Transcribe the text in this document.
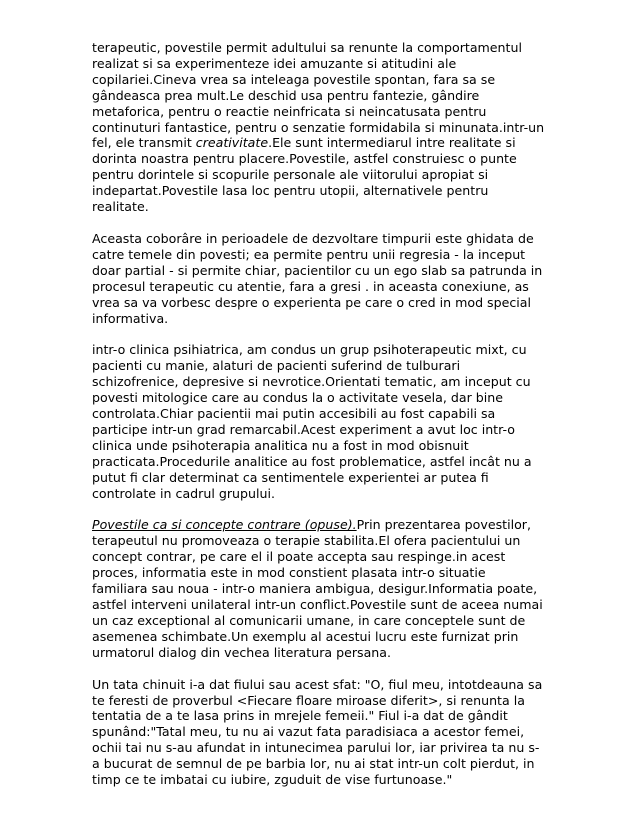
terapeutic, povestile permit adultului sa renunte la comportamentul
realizat si sa experimenteze idei amuzante si atitudini ale
copilariei.Cineva vrea sa inteleaga povestile spontan, fara sa se
gândeasca prea mult.Le deschid usa pentru fantezie, gândire
metaforica, pentru o reactie neinfricata si neincatusata pentru
continuturi fantastice, pentru o senzatie formidabila si minunata.intr-un
fel, ele transmit creativitate.Ele sunt intermediarul intre realitate si
dorinta noastra pentru placere.Povestile, astfel construiesc o punte
pentru dorintele si scopurile personale ale viitorului apropiat si
indepartat.Povestile lasa loc pentru utopii, alternativele pentru
realitate.

Aceasta coborâre in perioadele de dezvoltare timpurii este ghidata de
catre temele din povesti; ea permite pentru unii regresia - la inceput
doar partial - si permite chiar, pacientilor cu un ego slab sa patrunda in
procesul terapeutic cu atentie, fara a gresi . in aceasta conexiune, as
vrea sa va vorbesc despre o experienta pe care o cred in mod special
informativa.

intr-o clinica psihiatrica, am condus un grup psihoterapeutic mixt, cu
pacienti cu manie, alaturi de pacienti suferind de tulburari
schizofrenice, depresive si nevrotice.Orientati tematic, am inceput cu
povesti mitologice care au condus la o activitate vesela, dar bine
controlata.Chiar pacientii mai putin accesibili au fost capabili sa
participe intr-un grad remarcabil.Acest experiment a avut loc intr-o
clinica unde psihoterapia analitica nu a fost in mod obisnuit
practicata.Procedurile analitice au fost problematice, astfel incât nu a
putut fi clar determinat ca sentimentele experientei ar putea fi
controlate in cadrul grupului.

Povestile ca si concepte contrare (opuse).Prin prezentarea povestilor,
terapeutul nu promoveaza o terapie stabilita.El ofera pacientului un
concept contrar, pe care el il poate accepta sau respinge.in acest
proces, informatia este in mod constient plasata intr-o situatie
familiara sau noua - intr-o maniera ambigua, desigur.Informatia poate,
astfel interveni unilateral intr-un conflict.Povestile sunt de aceea numai
un caz exceptional al comunicarii umane, in care conceptele sunt de
asemenea schimbate.Un exemplu al acestui lucru este furnizat prin
urmatorul dialog din vechea literatura persana.

Un tata chinuit i-a dat fiului sau acest sfat: "O, fiul meu, intotdeauna sa
te feresti de proverbul <Fiecare floare miroase diferit>, si renunta la
tentatia de a te lasa prins in mrejele femeii." Fiul i-a dat de gândit
spunând:"Tatal meu, tu nu ai vazut fata paradisiaca a acestor femei,
ochii tai nu s-au afundat in intunecimea parului lor, iar privirea ta nu s-
a bucurat de semnul de pe barbia lor, nu ai stat intr-un colt pierdut, in
timp ce te imbatai cu iubire, zguduit de vise furtunoase."
